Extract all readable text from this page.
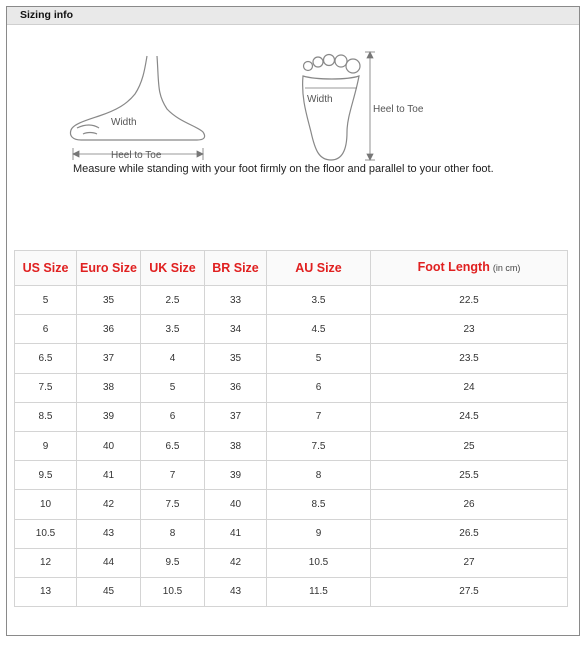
Sizing info
Heel to Toe
Width
Width
Heel to Toe
Measure while standing with your foot firmly on the floor and parallel to your other foot.
US Size	Euro Size	UK Size	BR Size	AU Size	Foot Length (in cm)
5	35	2.5	33	3.5	22.5
6	36	3.5	34	4.5	23
6.5	37	4	35	5	23.5
7.5	38	5	36	6	24
8.5	39	6	37	7	24.5
9	40	6.5	38	7.5	25
9.5	41	7	39	8	25.5
10	42	7.5	40	8.5	26
10.5	43	8	41	9	26.5
12	44	9.5	42	10.5	27
13	45	10.5	43	11.5	27.5
